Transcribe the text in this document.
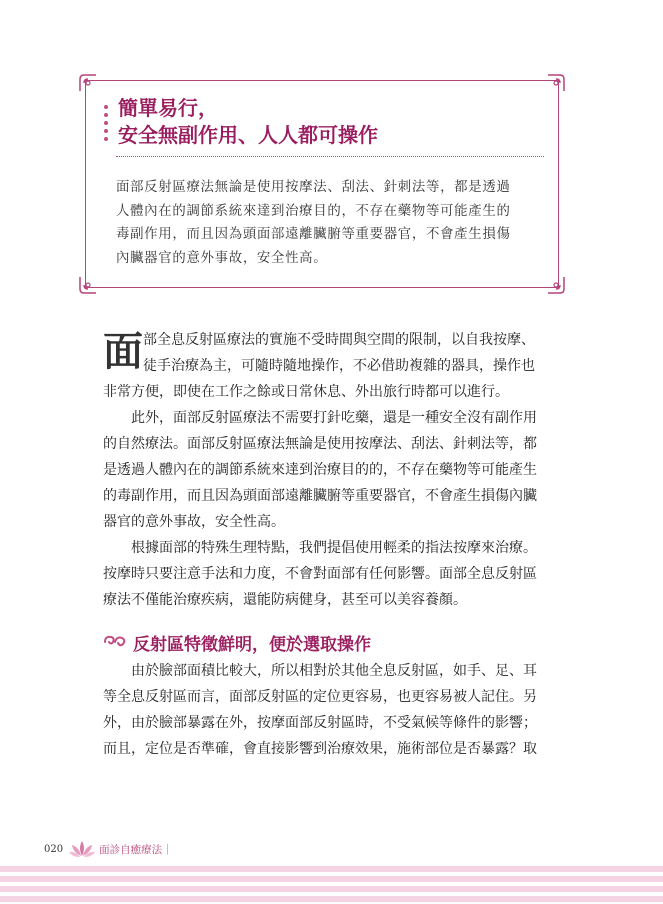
簡單易行，
安全無副作用、人人都可操作
面部反射區療法無論是使用按摩法、刮法、針刺法等，都是透過
人體內在的調節系統來達到治療目的，不存在藥物等可能產生的
毒副作用，而且因為頭面部遠離臟腑等重要器官，不會產生損傷
內臟器官的意外事故，安全性高。
面 部全息反射區療法的實施不受時間與空間的限制，以自我按摩、
徒手治療為主，可隨時隨地操作，不必借助複雜的器具，操作也
非常方便，即使在工作之餘或日常休息、外出旅行時都可以進行。
此外，面部反射區療法不需要打針吃藥，還是一種安全沒有副作用
的自然療法。面部反射區療法無論是使用按摩法、刮法、針刺法等，都
是透過人體內在的調節系統來達到治療目的的，不存在藥物等可能產生
的毒副作用，而且因為頭面部遠離臟腑等重要器官，不會產生損傷內臟
器官的意外事故，安全性高。
根據面部的特殊生理特點，我們提倡使用輕柔的指法按摩來治療。
按摩時只要注意手法和力度，不會對面部有任何影響。面部全息反射區
療法不僅能治療疾病，還能防病健身，甚至可以美容養顏。
反射區特徵鮮明，便於選取操作
由於臉部面積比較大，所以相對於其他全息反射區，如手、足、耳
等全息反射區而言，面部反射區的定位更容易，也更容易被人記住。另
外，由於臉部暴露在外，按摩面部反射區時，不受氣候等條件的影響；
而且，定位是否準確，會直接影響到治療效果，施術部位是否暴露？取
020	面診自癒療法｜
